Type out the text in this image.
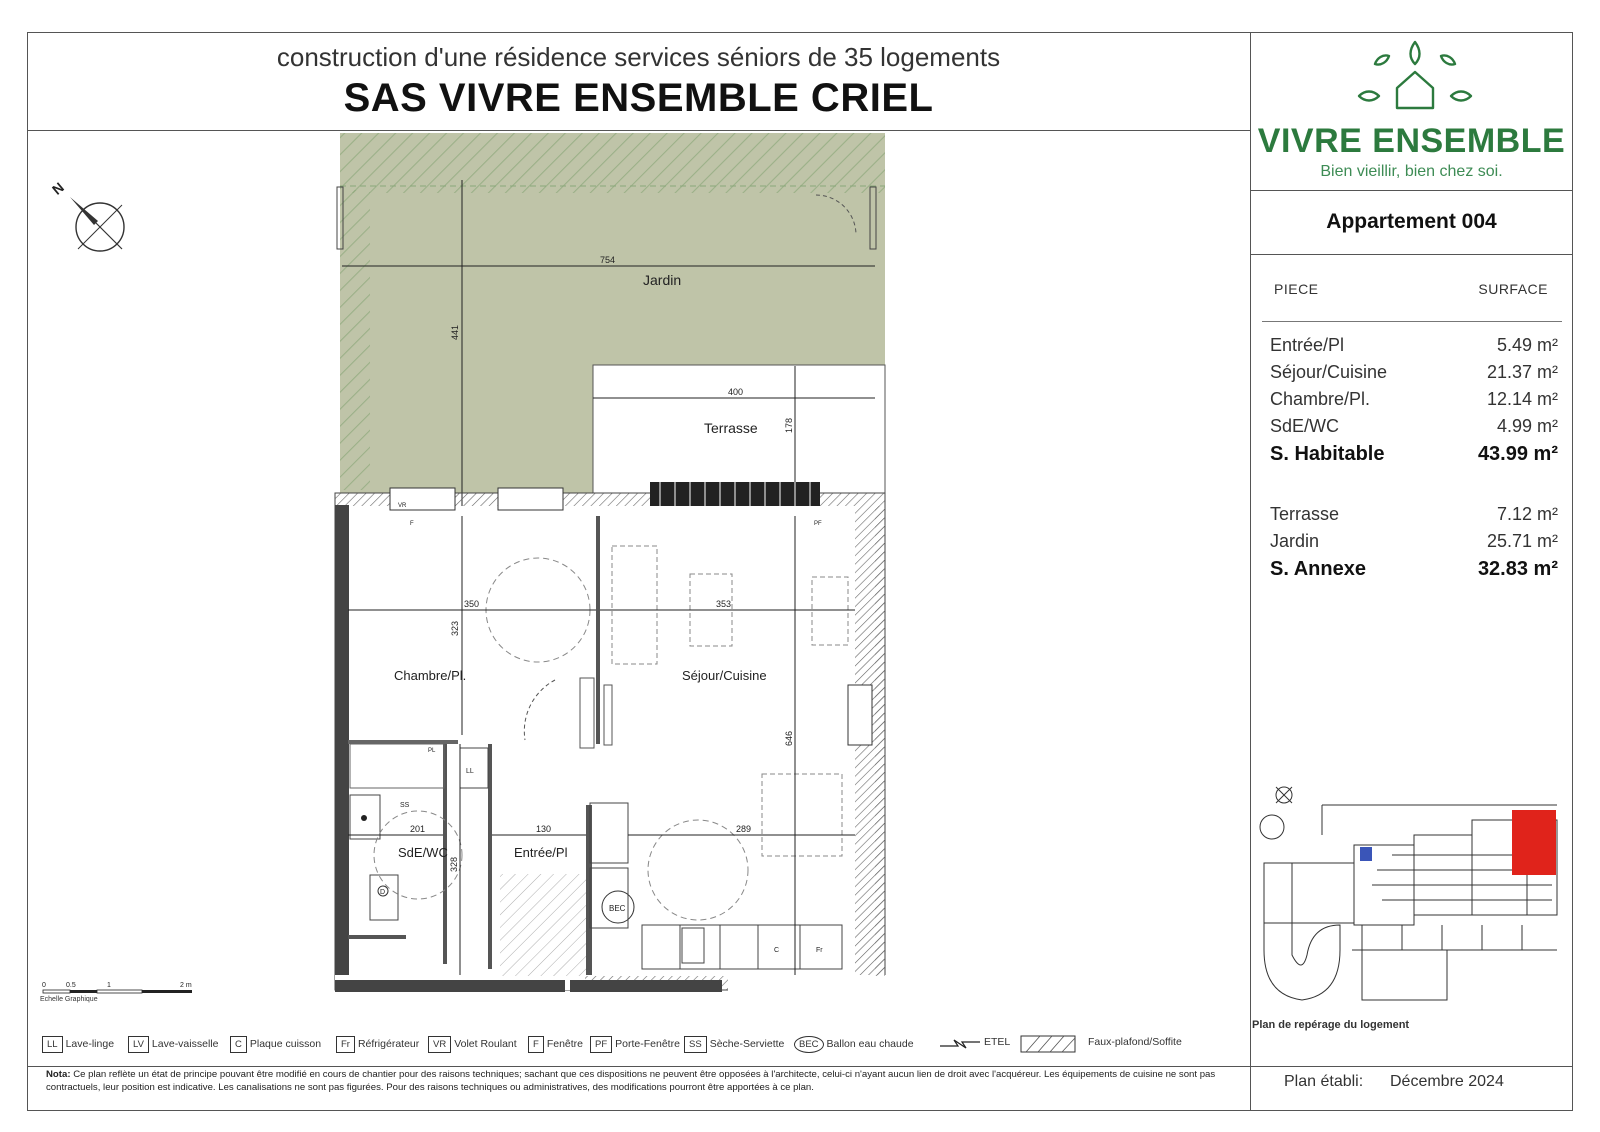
construction d'une résidence services séniors de 35 logements
SAS VIVRE ENSEMBLE CRIEL
VIVRE ENSEMBLE
Bien vieillir, bien chez soi.
Appartement 004
PIECE	SURFACE
Entrée/Pl	5.49 m²
Séjour/Cuisine	21.37 m²
Chambre/Pl.	12.14 m²
SdE/WC	4.99 m²
S. Habitable	43.99 m²
Terrasse	7.12 m²
Jardin	25.71 m²
S. Annexe	32.83 m²
N
754
441
400
178
Jardin
Terrasse
LL
PL
SS
D
C	Fr
BEC
VR
F	PF
350	353
323
646
201	130	289
328
Chambre/Pl.	Séjour/Cuisine
SdE/WC	Entrée/Pl
0	0.5	1	2 m
Echelle Graphique
Plan de repérage du logement
LL Lave-linge	LV Lave-vaisselle	C Plaque cuisson	Fr Réfrigérateur	VR Volet Roulant	F Fenêtre	PF Porte-Fenêtre SS Sèche-Serviette	BEC Ballon eau chaude	ETEL	Faux-plafond/Soffite
Nota: Ce plan reflète un état de principe pouvant être modifié en cours de chantier pour des raisons techniques; sachant que ces dispositions ne peuvent être opposées à l'architecte, celui-ci n'ayant aucun lien de droit avec l'acquéreur. Les équipements de cuisine ne sont pas contractuels, leur position est indicative. Les canalisations ne sont pas figurées. Pour des raisons techniques ou administratives, des modifications pourront être apportées à ce plan.	Plan établi: Décembre 2024
